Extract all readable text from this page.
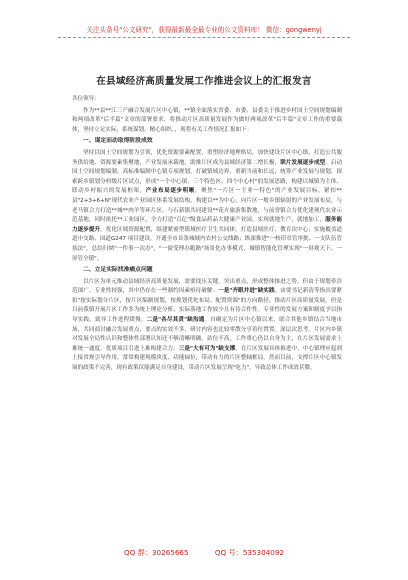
关注头条号"公文研究"，获得最新最全最专业的公文资料库！ 微信：gongwenyj
在县域经济高质量发展工作推进会议上的汇报发言

各位领导：

作为**县**江三产融合发展片区中心镇，**镇全面落实省委、市委、县委关于推进乡村国土空间规划编制和两项改革"后半篇"文章的部署要求，将推动片区高质量发展作为做好两项改革"后半篇"文章工作的重要载体，坚持立足实际、系统谋划、精心组织，，现将有关工作情况汇报如下：

一、谋定而动取得阶段成效

坚持以国土空间规划为引领，优化资源要素配置，重塑经济地理格局，加快建设片区中心镇，打造公共服务供给地、资源要素集聚地，产业发展承载地，助推片区成为县域经济第二增长极，联片发展逐步成型。启动国土空间规划编制，高标准编制中心镇专项规划，打破镇域边界，重新当前和长远，统筹产业发展与规划，探索跨乡镇划分村级片区试点，形成"一个中心镇、三个特色区、四个中心村"的发展思路，构建以城镇为主体、联动乡村振兴的发展框架。产业布局逐步明晰。聚焦"一片区一主业一特色"的产业发展目标，紧扣**县"2+3+6+N"现代农业产业园区体系发展结构，构建以**为中心，向片区一般乡镇辐射的产业发展布局，与老马镇合力打造**城**肉羊等环片区，与石新镇共同建设**花卉旅游集散地，与前誉镇合力优化建现代农业示范基地，同时依托**工业园区，全力打造"百亿"级食品药品大健康产业园。实现就地生产、就地加工，服务能力逐步提升。优化区域资源配置，组建紧密型镇域医疗卫生共同体，打造县域医疗、教育次中心；实施覆盖道道中交路、国道G247 项目建设，开通全市首条城域内农村公交线路；纵深推进"一校印章管审批、一支队伍管执法"，总结归纳"一件事一次办"，"一窗受理办跑路"场景化办事模式，城镇智能化管理实现"一屏观天下、一屏管全镇"。

二、立足实际找准痛点问题

以片区为单元推动县域经济高质量发展，需要找压关键、突出重点，形成整体推进之势。但由于规划牵涉范围广、专业性较强，其中仍存在一些制约因素亟待破解：一是"齐眼并进"缺实践。宙要书记新清等指出要紧扣"按实际划分片区，按片区编制规划，按规划优化布局、配置资源"的方向路径，推动片区高质量发展。但是目前我镇开展片区工作多为统上理论分析，实际落地工作较少且有待合作性。专业性的发展方案和制度予以指导实践，致导工作进程缓慢。二是"各尽其责"缺沟通。自确定为片区中心镇以来，联合其他乡镇结合当地市场，共同商讨融合发展重点，要点的实效不多，研讨内容也比较零散分享着位置置。深层次思考。片区内乡镇对发展全局性认识和整体性部署认知还不够清晰明确，站位不高，工作重心仍以自身为主，在片区发展需求上难统一通度，优质项目引进上难构建合力。三是"大有可为"缺支撑。在片区发展具体推进中，中心镇理应起到上接省规引导作用，常常构建现模块度、功能辐位，带动有力的片区整轴框局。然而目前，支撑片区中心镇发展的政策不完善，现有政策仅能满足自身建设，带动片区发展呈现"吃力"，导致总体工作成效甚微。

QQ 群：30265665	QQ 号：535304092
